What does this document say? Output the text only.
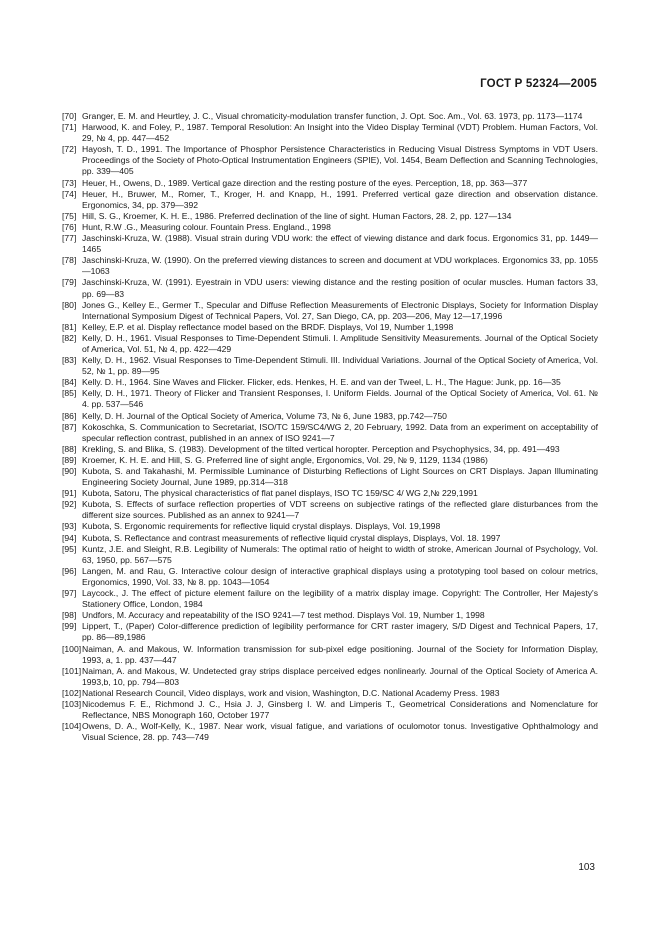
ГОСТ Р 52324—2005
[70] Granger, E. M. and Heurtley, J. C., Visual chromaticity-modulation transfer function, J. Opt. Soc. Am., Vol. 63. 1973, pp. 1173—1174
[71] Harwood, K. and Foley, P., 1987. Temporal Resolution: An Insight into the Video Display Terminal (VDT) Problem. Human Factors, Vol. 29, № 4, pp. 447—452
[72] Hayosh, T. D., 1991. The Importance of Phosphor Persistence Characteristics in Reducing Visual Distress Symptoms in VDT Users. Proceedings of the Society of Photo-Optical Instrumentation Engineers (SPIE), Vol. 1454, Beam Deflection and Scanning Technologies, pp. 339—405
[73] Heuer, H., Owens, D., 1989. Vertical gaze direction and the resting posture of the eyes. Perception, 18, pp. 363—377
[74] Heuer, H., Bruwer, M., Romer, T., Kroger, H. and Knapp, H., 1991. Preferred vertical gaze direction and observation distance. Ergonomics, 34, pp. 379—392
[75] Hill, S. G., Kroemer, K. H. E., 1986. Preferred declination of the line of sight. Human Factors, 28. 2, pp. 127—134
[76] Hunt, R.W .G., Measuring colour. Fountain Press. England., 1998
[77] Jaschinski-Kruza, W. (1988). Visual strain during VDU work: the effect of viewing distance and dark focus. Ergonomics 31, pp. 1449—1465
[78] Jaschinski-Kruza, W. (1990). On the preferred viewing distances to screen and document at VDU workplaces. Ergonomics 33, pp. 1055—1063
[79] Jaschinski-Kruza, W. (1991). Eyestrain in VDU users: viewing distance and the resting position of ocular muscles. Human factors 33, pp. 69—83
[80] Jones G., Kelley E., Germer T., Specular and Diffuse Reflection Measurements of Electronic Displays, Society for Information Display International Symposium Digest of Technical Papers, Vol. 27, San Diego, CA, pp. 203—206, May 12—17,1996
[81] Kelley, E.P. et al. Display reflectance model based on the BRDF. Displays, Vol 19, Number 1,1998
[82] Kelly, D. H., 1961. Visual Responses to Time-Dependent Stimuli. I. Amplitude Sensitivity Measurements. Journal of the Optical Society of America, Vol. 51, № 4, pp. 422—429
[83] Kelly, D. H., 1962. Visual Responses to Time-Dependent Stimuli. III. Individual Variations. Journal of the Optical Society of America, Vol. 52, № 1, pp. 89—95
[84] Kelly. D. H., 1964. Sine Waves and Flicker. Flicker, eds. Henkes, H. E. and van der Tweel, L. H., The Hague: Junk, pp. 16—35
[85] Kelly, D. H., 1971. Theory of Flicker and Transient Responses, I. Uniform Fields. Journal of the Optical Society of America, Vol. 61. № 4. pp. 537—546
[86] Kelly, D. H. Journal of the Optical Society of America, Volume 73, № 6, June 1983, pp.742—750
[87] Kokoschka, S. Communication to Secretariat, ISO/TC 159/SC4/WG 2, 20 February, 1992. Data from an experiment on acceptability of specular reflection contrast, published in an annex of ISO 9241—7
[88] Krekling, S. and Blika, S. (1983). Development of the tilted vertical horopter. Perception and Psychophysics, 34, pp. 491—493
[89] Kroemer, K. H. E. and Hill, S. G. Preferred line of sight angle, Ergonomics, Vol. 29, № 9, 1129, 1134 (1986)
[90] Kubota, S. and Takahashi, M. Permissible Luminance of Disturbing Reflections of Light Sources on CRT Displays. Japan Illuminating Engineering Society Journal, June 1989, pp.314—318
[91] Kubota, Satoru, The physical characteristics of flat panel displays, ISO TC 159/SC 4/ WG 2,№ 229,1991
[92] Kubota, S. Effects of surface reflection properties of VDT screens on subjective ratings of the reflected glare disturbances from the different size sources. Published as an annex to 9241—7
[93] Kubota, S. Ergonomic requirements for reflective liquid crystal displays. Displays, Vol. 19,1998
[94] Kubota, S. Reflectance and contrast measurements of reflective liquid crystal displays, Displays, Vol. 18. 1997
[95] Kuntz, J.E. and Sleight, R.B. Legibility of Numerals: The optimal ratio of height to width of stroke, American Journal of Psychology, Vol. 63, 1950, pp. 567—575
[96] Langen, M. and Rau, G. Interactive colour design of interactive graphical displays using a prototyping tool based on colour metrics, Ergonomics, 1990, Vol. 33, № 8. pp. 1043—1054
[97] Laycock., J. The effect of picture element failure on the legibility of a matrix display image. Copyright: The Controller, Her Majesty's Stationery Office, London, 1984
[98] Undfors, M. Accuracy and repeatability of the ISO 9241—7 test method. Displays Vol. 19, Number 1, 1998
[99] Lippert, T., (Paper) Color-difference prediction of legibility performance for CRT raster imagery, S/D Digest and Technical Papers, 17, pp. 86—89,1986
[100] Naiman, A. and Makous, W. Information transmission for sub-pixel edge positioning. Journal of the Society for Information Display, 1993, a, 1. pp. 437—447
[101] Naiman, A. and Makous, W. Undetected gray strips displace perceived edges nonlinearly. Journal of the Optical Society of America A. 1993,b, 10, pp. 794—803
[102] National Research Council, Video displays, work and vision, Washington, D.C. National Academy Press. 1983
[103] Nicodemus F. E., Richmond J. C., Hsia J. J, Ginsberg I. W. and Limperis T., Geometrical Considerations and Nomenclature for Reflectance, NBS Monograph 160, October 1977
[104] Owens, D. A., Wolf-Kelly, K., 1987. Near work, visual fatigue, and variations of oculomotor tonus. Investigative Ophthalmology and Visual Science, 28. pp. 743—749
103
